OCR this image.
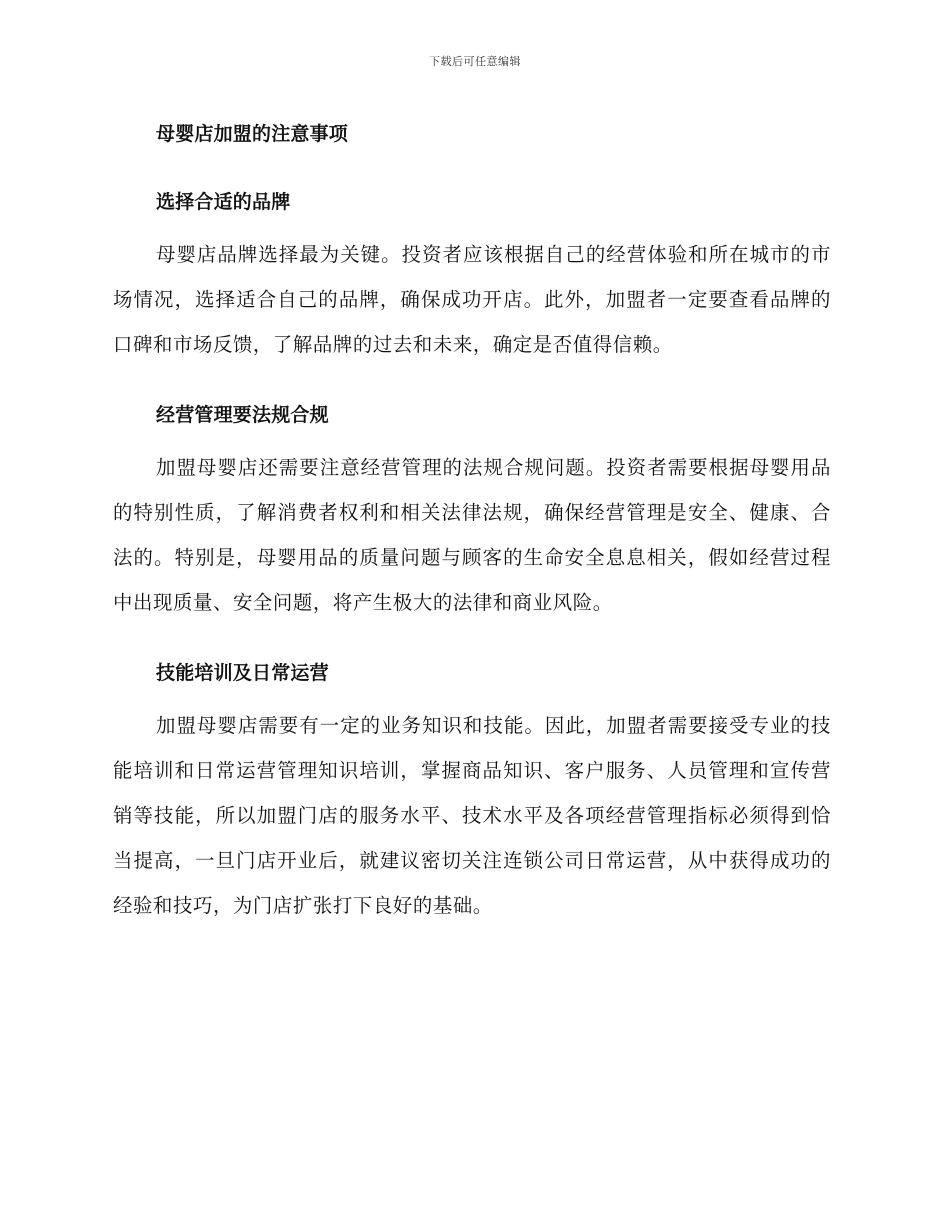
下载后可任意编辑
母婴店加盟的注意事项
选择合适的品牌

母婴店品牌选择最为关键。投资者应该根据自己的经营体验和所在城市的市场情况，选择适合自己的品牌，确保成功开店。此外，加盟者一定要查看品牌的口碑和市场反馈，了解品牌的过去和未来，确定是否值得信赖。

经营管理要法规合规

加盟母婴店还需要注意经营管理的法规合规问题。投资者需要根据母婴用品的特别性质，了解消费者权利和相关法律法规，确保经营管理是安全、健康、合法的。特别是，母婴用品的质量问题与顾客的生命安全息息相关，假如经营过程中出现质量、安全问题，将产生极大的法律和商业风险。

技能培训及日常运营

加盟母婴店需要有一定的业务知识和技能。因此，加盟者需要接受专业的技能培训和日常运营管理知识培训，掌握商品知识、客户服务、人员管理和宣传营销等技能，所以加盟门店的服务水平、技术水平及各项经营管理指标必须得到恰当提高，一旦门店开业后，就建议密切关注连锁公司日常运营，从中获得成功的经验和技巧，为门店扩张打下良好的基础。
